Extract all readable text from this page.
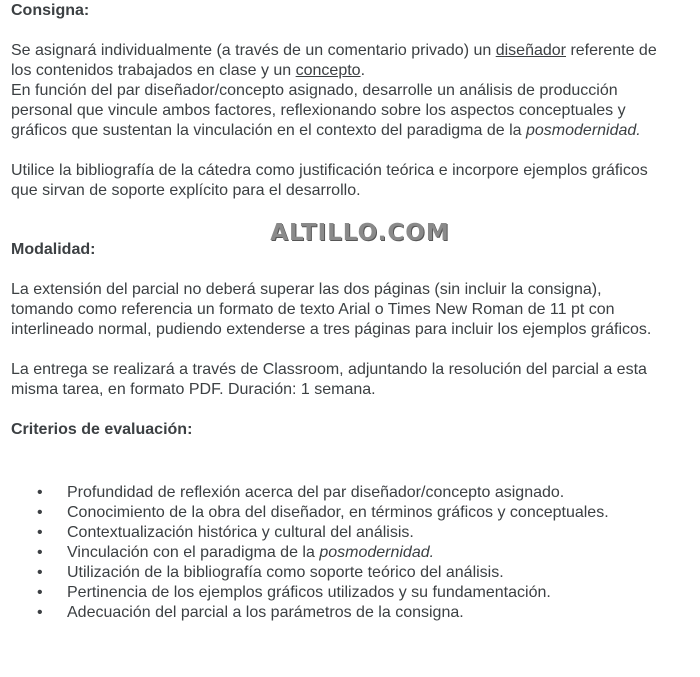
Consigna:

Se asignará individualmente (a través de un comentario privado) un diseñador referente de los contenidos trabajados en clase y un concepto.

En función del par diseñador/concepto asignado, desarrolle un análisis de producción personal que vincule ambos factores, reflexionando sobre los aspectos conceptuales y gráficos que sustentan la vinculación en el contexto del paradigma de la posmodernidad.

Utilice la bibliografía de la cátedra como justificación teórica e incorpore ejemplos gráficos que sirvan de soporte explícito para el desarrollo.

Modalidad:

La extensión del parcial no deberá superar las dos páginas (sin incluir la consigna), tomando como referencia un formato de texto Arial o Times New Roman de 11 pt con interlineado normal, pudiendo extenderse a tres páginas para incluir los ejemplos gráficos.

La entrega se realizará a través de Classroom, adjuntando la resolución del parcial a esta misma tarea, en formato PDF. Duración: 1 semana.

Criterios de evaluación:

• Profundidad de reflexión acerca del par diseñador/concepto asignado.
• Conocimiento de la obra del diseñador, en términos gráficos y conceptuales.
• Contextualización histórica y cultural del análisis.
• Vinculación con el paradigma de la posmodernidad.
• Utilización de la bibliografía como soporte teórico del análisis.
• Pertinencia de los ejemplos gráficos utilizados y su fundamentación.
• Adecuación del parcial a los parámetros de la consigna.
ALTILLO.COM
